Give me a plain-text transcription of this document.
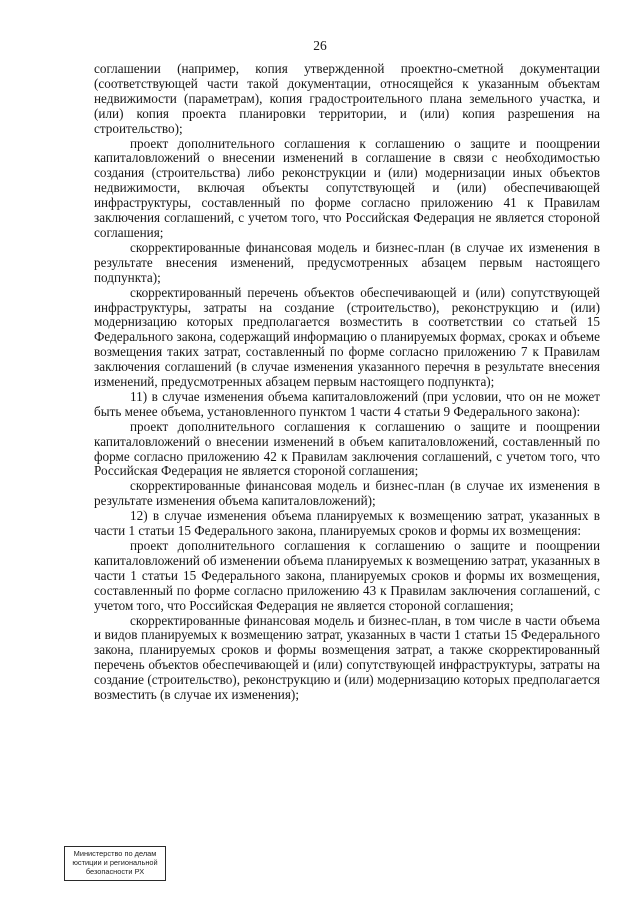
26

соглашении (например, копия утвержденной проектно-сметной документации (соответствующей части такой документации, относящейся к указанным объектам недвижимости (параметрам), копия градостроительного плана земельного участка, и (или) копия проекта планировки территории, и (или) копия разрешения на строительство);

проект дополнительного соглашения к соглашению о защите и поощрении капиталовложений о внесении изменений в соглашение в связи с необходимостью создания (строительства) либо реконструкции и (или) модернизации иных объектов недвижимости, включая объекты сопутствующей и (или) обеспечивающей инфраструктуры, составленный по форме согласно приложению 41 к Правилам заключения соглашений, с учетом того, что Российская Федерация не является стороной соглашения;

скорректированные финансовая модель и бизнес-план (в случае их изменения в результате внесения изменений, предусмотренных абзацем первым настоящего подпункта);

скорректированный перечень объектов обеспечивающей и (или) сопутствующей инфраструктуры, затраты на создание (строительство), реконструкцию и (или) модернизацию которых предполагается возместить в соответствии со статьей 15 Федерального закона, содержащий информацию о планируемых формах, сроках и объеме возмещения таких затрат, составленный по форме согласно приложению 7 к Правилам заключения соглашений (в случае изменения указанного перечня в результате внесения изменений, предусмотренных абзацем первым настоящего подпункта);

11) в случае изменения объема капиталовложений (при условии, что он не может быть менее объема, установленного пунктом 1 части 4 статьи 9 Федерального закона):

проект дополнительного соглашения к соглашению о защите и поощрении капиталовложений о внесении изменений в объем капиталовложений, составленный по форме согласно приложению 42 к Правилам заключения соглашений, с учетом того, что Российская Федерация не является стороной соглашения;

скорректированные финансовая модель и бизнес-план (в случае их изменения в результате изменения объема капиталовложений);

12) в случае изменения объема планируемых к возмещению затрат, указанных в части 1 статьи 15 Федерального закона, планируемых сроков и формы их возмещения:

проект дополнительного соглашения к соглашению о защите и поощрении капиталовложений об изменении объема планируемых к возмещению затрат, указанных в части 1 статьи 15 Федерального закона, планируемых сроков и формы их возмещения, составленный по форме согласно приложению 43 к Правилам заключения соглашений, с учетом того, что Российская Федерация не является стороной соглашения;

скорректированные финансовая модель и бизнес-план, в том числе в части объема и видов планируемых к возмещению затрат, указанных в части 1 статьи 15 Федерального закона, планируемых сроков и формы возмещения затрат, а также скорректированный перечень объектов обеспечивающей и (или) сопутствующей инфраструктуры, затраты на создание (строительство), реконструкцию и (или) модернизацию которых предполагается возместить (в случае их изменения);

Министерство по делам
юстиции и региональной
безопасности РХ
